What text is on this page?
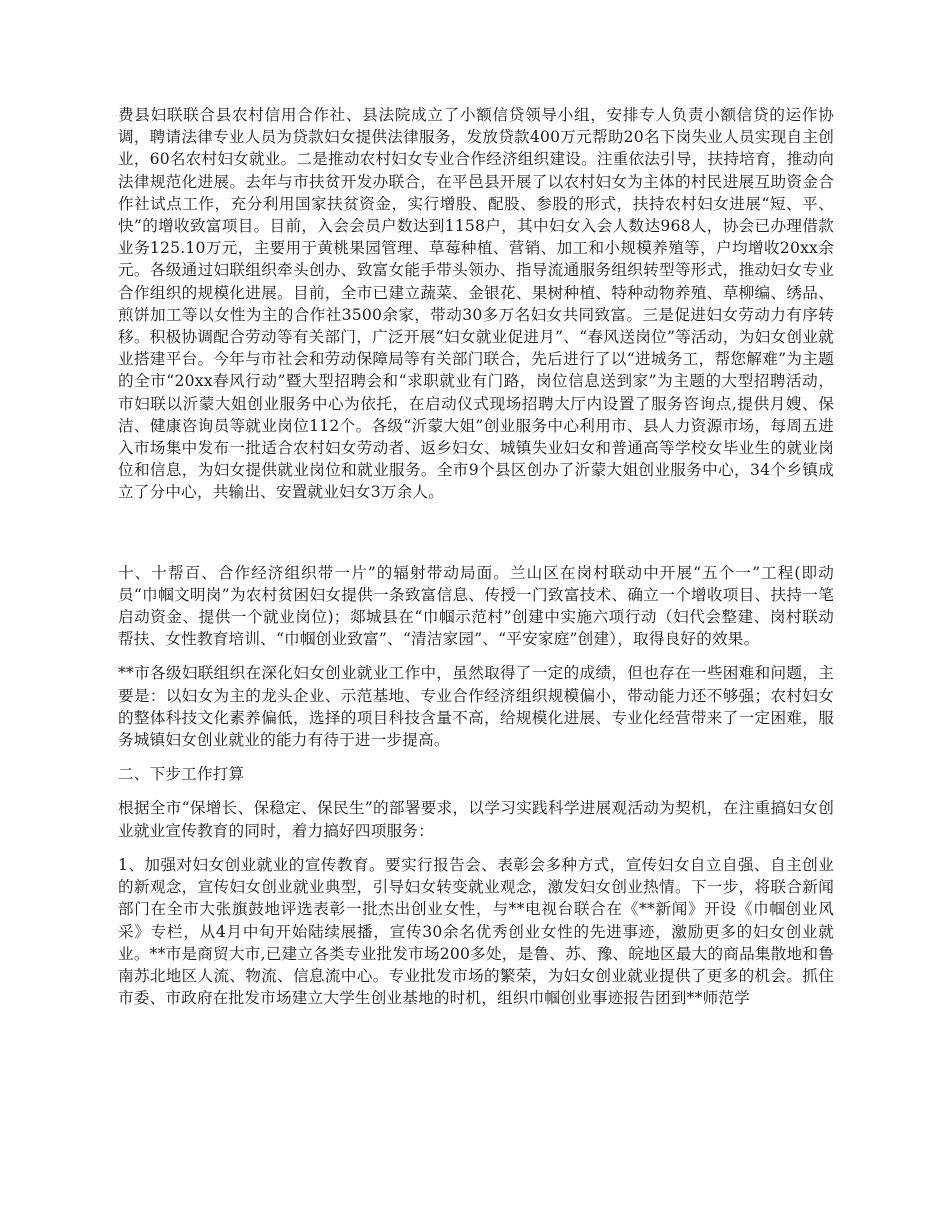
费县妇联联合县农村信用合作社、县法院成立了小额信贷领导小组，安排专人负责小额信贷的运作协调，聘请法律专业人员为贷款妇女提供法律服务，发放贷款400万元帮助20名下岗失业人员实现自主创业，60名农村妇女就业。二是推动农村妇女专业合作经济组织建设。注重依法引导，扶持培育，推动向法律规范化进展。去年与市扶贫开发办联合，在平邑县开展了以农村妇女为主体的村民进展互助资金合作社试点工作，充分利用国家扶贫资金，实行增股、配股、参股的形式，扶持农村妇女进展“短、平、快”的增收致富项目。目前，入会会员户数达到1158户，其中妇女入会人数达968人，协会已办理借款业务125.10万元，主要用于黄桃果园管理、草莓种植、营销、加工和小规模养殖等，户均增收20xx余元。各级通过妇联组织牵头创办、致富女能手带头领办、指导流通服务组织转型等形式，推动妇女专业合作组织的规模化进展。目前，全市已建立蔬菜、金银花、果树种植、特种动物养殖、草柳编、绣品、煎饼加工等以女性为主的合作社3500余家，带动30多万名妇女共同致富。三是促进妇女劳动力有序转移。积极协调配合劳动等有关部门，广泛开展“妇女就业促进月”、“春风送岗位”等活动，为妇女创业就业搭建平台。今年与市社会和劳动保障局等有关部门联合，先后进行了以“进城务工，帮您解难”为主题的全市“20xx春风行动”暨大型招聘会和“求职就业有门路，岗位信息送到家”为主题的大型招聘活动，市妇联以沂蒙大姐创业服务中心为依托，在启动仪式现场招聘大厅内设置了服务咨询点,提供月嫂、保洁、健康咨询员等就业岗位112个。各级“沂蒙大姐”创业服务中心利用市、县人力资源市场，每周五进入市场集中发布一批适合农村妇女劳动者、返乡妇女、城镇失业妇女和普通高等学校女毕业生的就业岗位和信息，为妇女提供就业岗位和就业服务。全市9个县区创办了沂蒙大姐创业服务中心，34个乡镇成立了分中心，共输出、安置就业妇女3万余人。

十、十帮百、合作经济组织带一片”的辐射带动局面。兰山区在岗村联动中开展“五个一”工程(即动员“巾帼文明岗”为农村贫困妇女提供一条致富信息、传授一门致富技术、确立一个增收项目、扶持一笔启动资金、提供一个就业岗位)；郯城县在“巾帼示范村”创建中实施六项行动（妇代会整建、岗村联动帮扶、女性教育培训、“巾帼创业致富”、“清洁家园”、“平安家庭”创建），取得良好的效果。

**市各级妇联组织在深化妇女创业就业工作中，虽然取得了一定的成绩，但也存在一些困难和问题，主要是：以妇女为主的龙头企业、示范基地、专业合作经济组织规模偏小，带动能力还不够强；农村妇女的整体科技文化素养偏低，选择的项目科技含量不高，给规模化进展、专业化经营带来了一定困难，服务城镇妇女创业就业的能力有待于进一步提高。

二、下步工作打算

根据全市“保增长、保稳定、保民生”的部署要求，以学习实践科学进展观活动为契机，在注重搞妇女创业就业宣传教育的同时，着力搞好四项服务：

1、加强对妇女创业就业的宣传教育。要实行报告会、表彰会多种方式，宣传妇女自立自强、自主创业的新观念，宣传妇女创业就业典型，引导妇女转变就业观念，激发妇女创业热情。下一步，将联合新闻部门在全市大张旗鼓地评选表彰一批杰出创业女性，与**电视台联合在《**新闻》开设《巾帼创业风采》专栏，从4月中旬开始陆续展播，宣传30余名优秀创业女性的先进事迹，激励更多的妇女创业就业。**市是商贸大市,已建立各类专业批发市场200多处，是鲁、苏、豫、皖地区最大的商品集散地和鲁南苏北地区人流、物流、信息流中心。专业批发市场的繁荣，为妇女创业就业提供了更多的机会。抓住市委、市政府在批发市场建立大学生创业基地的时机，组织巾帼创业事迹报告团到**师范学
